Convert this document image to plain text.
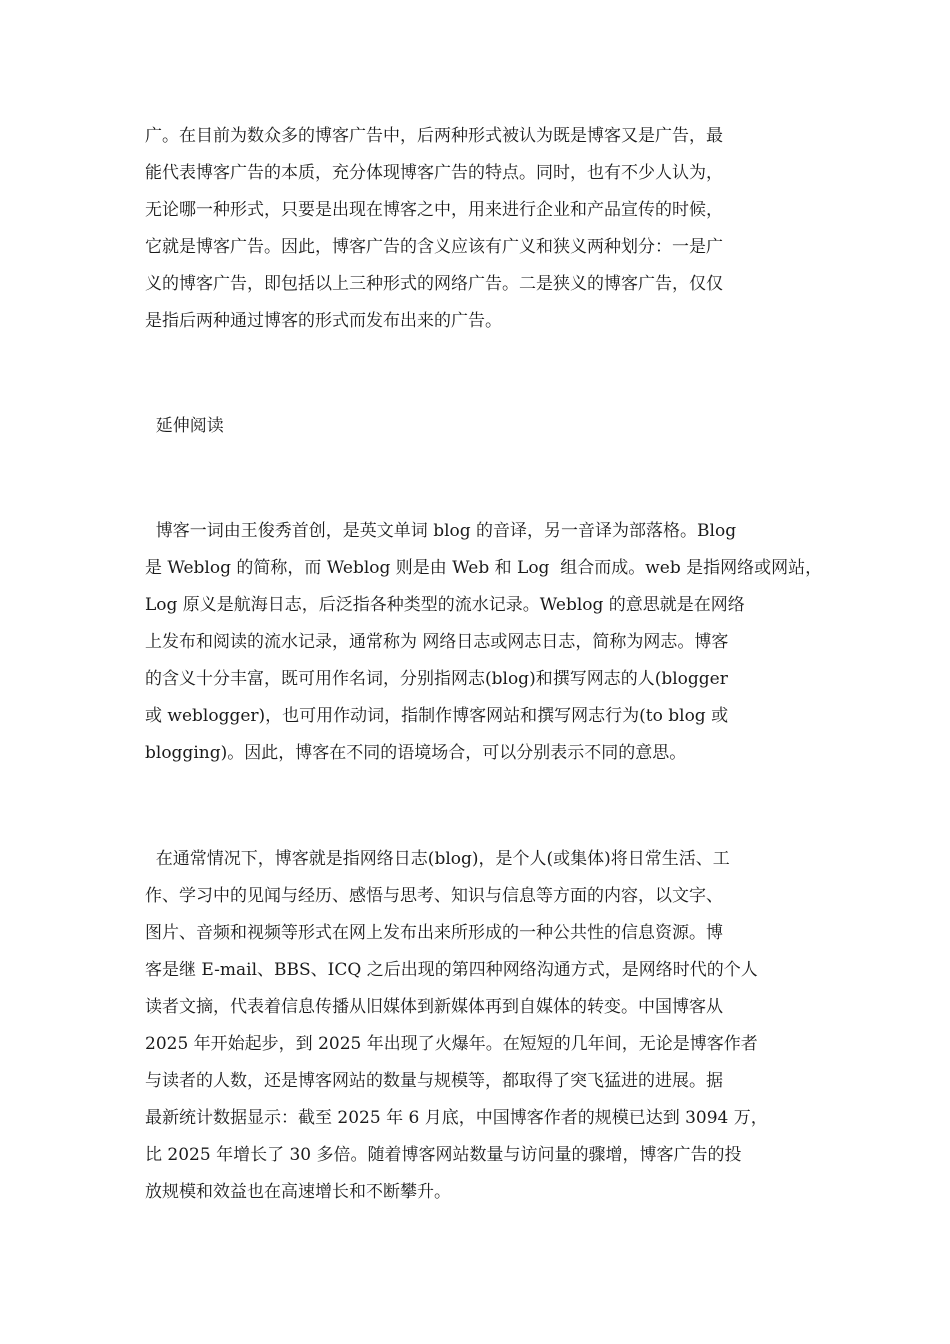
广。在目前为数众多的博客广告中，后两种形式被认为既是博客又是广告，最
能代表博客广告的本质，充分体现博客广告的特点。同时，也有不少人认为，
无论哪一种形式，只要是出现在博客之中，用来进行企业和产品宣传的时候，
它就是博客广告。因此，博客广告的含义应该有广义和狭义两种划分：一是广
义的博客广告，即包括以上三种形式的网络广告。二是狭义的博客广告，仅仅
是指后两种通过博客的形式而发布出来的广告。
延伸阅读
博客一词由王俊秀首创，是英文单词 blog 的音译，另一音译为部落格。Blog
是 Weblog 的简称，而 Weblog 则是由 Web 和 Log  组合而成。web 是指网络或网站，
Log 原义是航海日志，后泛指各种类型的流水记录。Weblog 的意思就是在网络
上发布和阅读的流水记录，通常称为 网络日志或网志日志，简称为网志。博客
的含义十分丰富，既可用作名词，分别指网志(blog)和撰写网志的人(blogger
或 weblogger)，也可用作动词，指制作博客网站和撰写网志行为(to blog 或
blogging)。因此，博客在不同的语境场合，可以分别表示不同的意思。
在通常情况下，博客就是指网络日志(blog)，是个人(或集体)将日常生活、工
作、学习中的见闻与经历、感悟与思考、知识与信息等方面的内容，以文字、
图片、音频和视频等形式在网上发布出来所形成的一种公共性的信息资源。博
客是继 E-mail、BBS、ICQ 之后出现的第四种网络沟通方式，是网络时代的个人
读者文摘，代表着信息传播从旧媒体到新媒体再到自媒体的转变。中国博客从
2025 年开始起步，到 2025 年出现了火爆年。在短短的几年间，无论是博客作者
与读者的人数，还是博客网站的数量与规模等，都取得了突飞猛进的进展。据
最新统计数据显示：截至 2025 年 6 月底，中国博客作者的规模已达到 3094 万，
比 2025 年增长了 30 多倍。随着博客网站数量与访问量的骤增，博客广告的投
放规模和效益也在高速增长和不断攀升。
